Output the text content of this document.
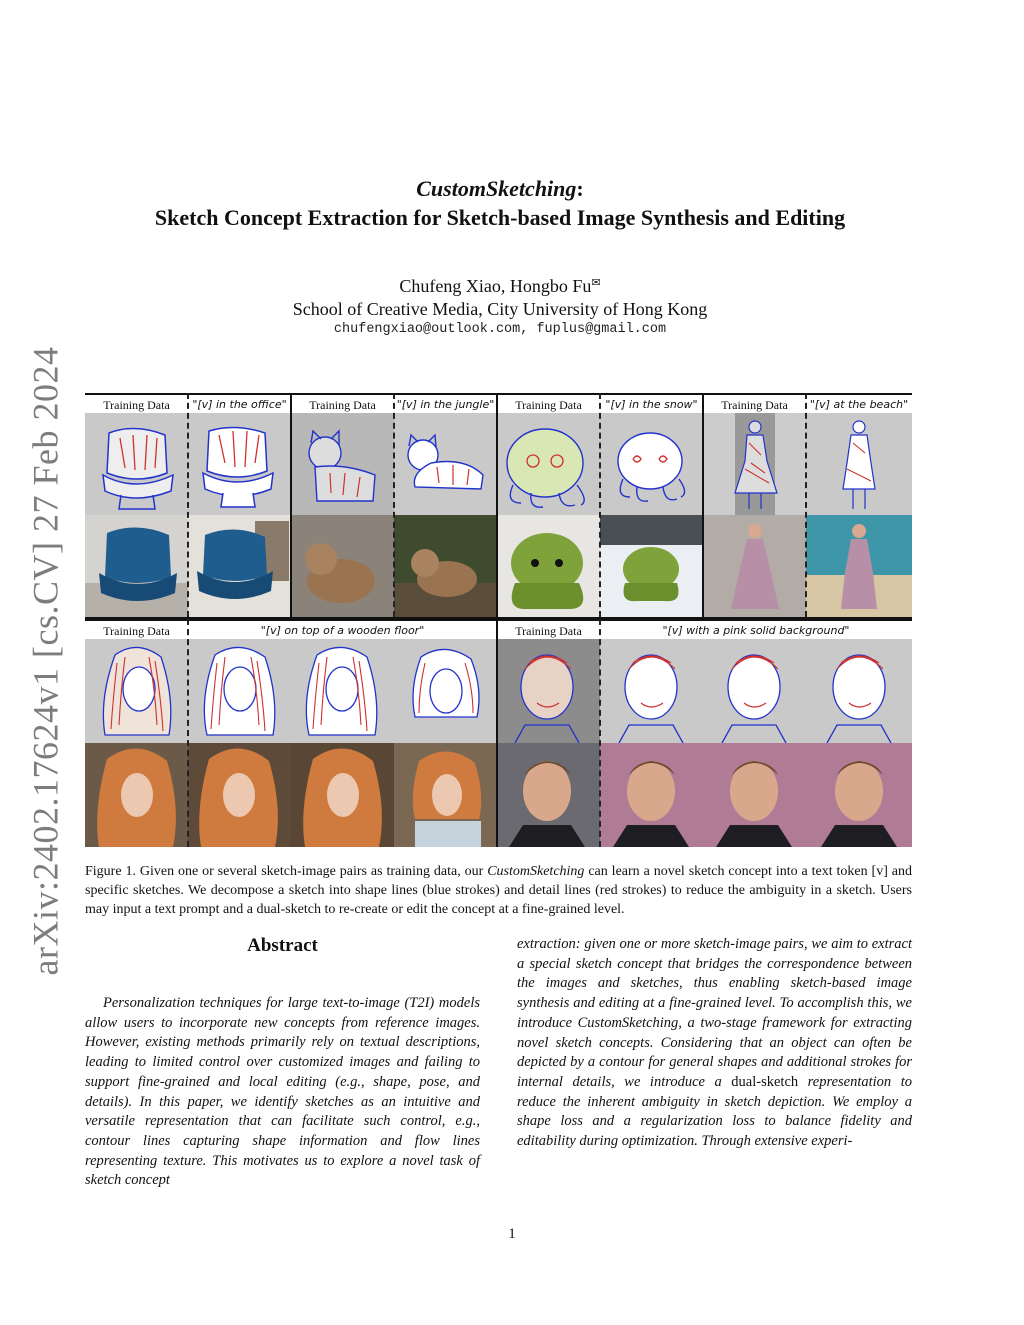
arXiv:2402.17624v1 [cs.CV] 27 Feb 2024
CustomSketching:
Sketch Concept Extraction for Sketch-based Image Synthesis and Editing
Chufeng Xiao, Hongbo Fu✉
School of Creative Media, City University of Hong Kong
chufengxiao@outlook.com, fuplus@gmail.com
Training Data	"[v] in the office"	Training Data	"[v] in the jungle"	Training Data	"[v] in the snow"	Training Data	"[v] at the beach"
Training Data	"[v] on top of a wooden floor"	Training Data	"[v] with a pink solid background"
Figure 1. Given one or several sketch-image pairs as training data, our CustomSketching can learn a novel sketch concept into a text token [v] and specific sketches. We decompose a sketch into shape lines (blue strokes) and detail lines (red strokes) to reduce the ambiguity in a sketch. Users may input a text prompt and a dual-sketch to re-create or edit the concept at a fine-grained level.
Abstract

Personalization techniques for large text-to-image (T2I) models allow users to incorporate new concepts from reference images. However, existing methods primarily rely on textual descriptions, leading to limited control over customized images and failing to support fine-grained and local editing (e.g., shape, pose, and details). In this paper, we identify sketches as an intuitive and versatile representation that can facilitate such control, e.g., contour lines capturing shape information and flow lines representing texture. This motivates us to explore a novel task of sketch concept

extraction: given one or more sketch-image pairs, we aim to extract a special sketch concept that bridges the correspondence between the images and sketches, thus enabling sketch-based image synthesis and editing at a fine-grained level. To accomplish this, we introduce CustomSketching, a two-stage framework for extracting novel sketch concepts. Considering that an object can often be depicted by a contour for general shapes and additional strokes for internal details, we introduce a dual-sketch representation to reduce the inherent ambiguity in sketch depiction. We employ a shape loss and a regularization loss to balance fidelity and editability during optimization. Through extensive experi-

1
